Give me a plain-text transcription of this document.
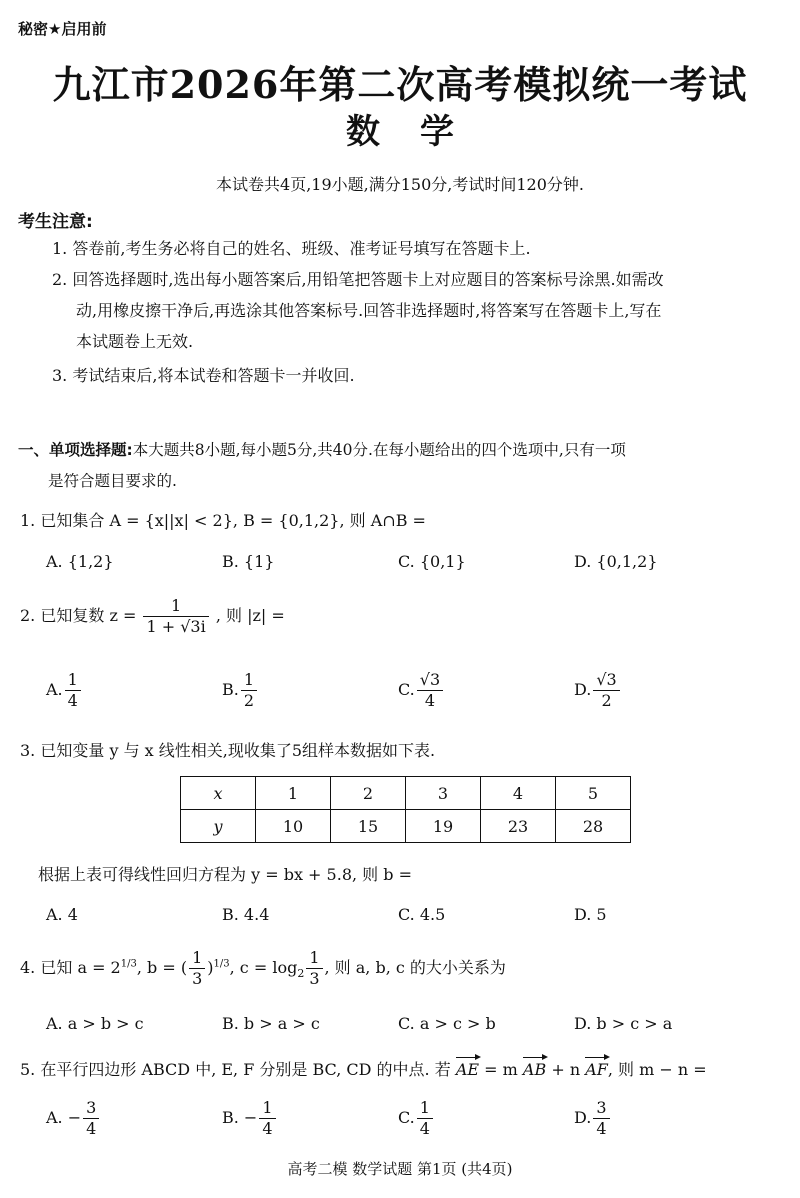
秘密★启用前
九江市2026年第二次高考模拟统一考试
数学
本试卷共4页,19小题,满分150分,考试时间120分钟.
考生注意:
1. 答卷前,考生务必将自己的姓名、班级、准考证号填写在答题卡上.
2. 回答选择题时,选出每小题答案后,用铅笔把答题卡上对应题目的答案标号涂黑.如需改
动,用橡皮擦干净后,再选涂其他答案标号.回答非选择题时,将答案写在答题卡上,写在
本试题卷上无效.
3. 考试结束后,将本试卷和答题卡一并收回.
一、单项选择题:本大题共8小题,每小题5分,共40分.在每小题给出的四个选项中,只有一项
是符合题目要求的.
1. 已知集合 A = {x||x| < 2}, B = {0,1,2}, 则 A∩B =
A. {1,2}	B. {1}	C. {0,1}	D. {0,1,2}
2. 已知复数 $z = \frac{1}{1 + √3i}$ , 则 |z| =
A. $\frac{1}{4}$	B. $\frac{1}{2}$	C. $\frac{√3}{4}$	D. $\frac{√3}{2}$
3. 已知变量 y 与 x 线性相关,现收集了5组样本数据如下表.
x	1	2	3	4	5
y	10	15	19	23	28
根据上表可得线性回归方程为 y = bx + 5.8, 则 b =
A. 4	B. 4.4	C. 4.5	D. 5
4. 已知 $a = 2^{1/3}$, b = ( $\frac{1}{3} )^{1/3}$, $c = \log_2 \frac{1}{3}$ , 则 a, b, c 的大小关系为
A. a > b > c	B. b > a > c	C. a > c > b	D. b > c > a
5. 在平行四边形 ABCD 中, E, F 分别是 BC, CD 的中点. 若 AE = m AB + n AF, 则 m − n =
A. − $\frac{3}{4}$	B. − $\frac{1}{4}$	C. $\frac{1}{4}$	D. $\frac{3}{4}$
高考二模 数学试题 第1页 (共4页)
